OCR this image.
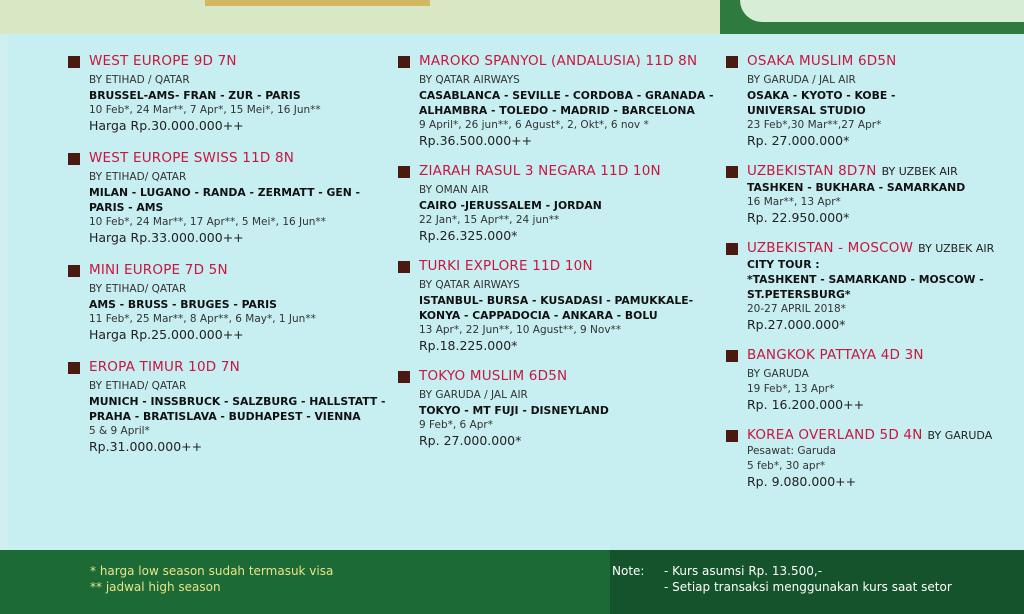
WEST EUROPE 9D 7N
BY ETIHAD / QATAR
BRUSSEL-AMS- FRAN - ZUR - PARIS
10 Feb*, 24 Mar**, 7 Apr*, 15 Mei*, 16 Jun**
Harga Rp.30.000.000++
WEST EUROPE SWISS 11D 8N
BY ETIHAD/ QATAR
MILAN - LUGANO - RANDA - ZERMATT - GEN -
PARIS - AMS
10 Feb*, 24 Mar**, 17 Apr**, 5 Mei*, 16 Jun**
Harga Rp.33.000.000++
MINI EUROPE 7D 5N
BY ETIHAD/ QATAR
AMS - BRUSS - BRUGES - PARIS
11 Feb*, 25 Mar**, 8 Apr**, 6 May*, 1 Jun**
Harga Rp.25.000.000++
EROPA TIMUR 10D 7N
BY ETIHAD/ QATAR
MUNICH - INSSBRUCK - SALZBURG - HALLSTATT -
PRAHA - BRATISLAVA - BUDHAPEST - VIENNA
5 & 9 April*
Rp.31.000.000++
MAROKO SPANYOL (ANDALUSIA) 11D 8N
BY QATAR AIRWAYS
CASABLANCA - SEVILLE - CORDOBA - GRANADA -
ALHAMBRA - TOLEDO - MADRID - BARCELONA
9 April*, 26 jun**, 6 Agust*, 2, Okt*, 6 nov *
Rp.36.500.000++
ZIARAH RASUL 3 NEGARA 11D 10N
BY OMAN AIR
CAIRO -JERUSSALEM - JORDAN
22 Jan*, 15 Apr**, 24 jun**
Rp.26.325.000*
TURKI EXPLORE 11D 10N
BY QATAR AIRWAYS
ISTANBUL- BURSA - KUSADASI - PAMUKKALE-
KONYA - CAPPADOCIA - ANKARA - BOLU
13 Apr*, 22 Jun**, 10 Agust**, 9 Nov**
Rp.18.225.000*
TOKYO MUSLIM 6D5N
BY GARUDA / JAL AIR
TOKYO - MT FUJI - DISNEYLAND
9 Feb*, 6 Apr*
Rp. 27.000.000*
OSAKA MUSLIM 6D5N
BY GARUDA / JAL AIR
OSAKA - KYOTO - KOBE -
UNIVERSAL STUDIO
23 Feb*,30 Mar**,27 Apr*
Rp. 27.000.000*
UZBEKISTAN 8D7N BY UZBEK AIR
TASHKEN - BUKHARA - SAMARKAND
16 Mar**, 13 Apr*
Rp. 22.950.000*
UZBEKISTAN - MOSCOW BY UZBEK AIR
CITY TOUR :
*TASHKENT - SAMARKAND - MOSCOW -
ST.PETERSBURG*
20-27 APRIL 2018*
Rp.27.000.000*
BANGKOK PATTAYA 4D 3N
BY GARUDA
19 Feb*, 13 Apr*
Rp. 16.200.000++
KOREA OVERLAND 5D 4N BY GARUDA
Pesawat: Garuda
5 feb*, 30 apr*
Rp. 9.080.000++
* harga low season sudah termasuk visa
** jadwal high season
Note:	- Kurs asumsi Rp. 13.500,-
- Setiap transaksi menggunakan kurs saat setor
